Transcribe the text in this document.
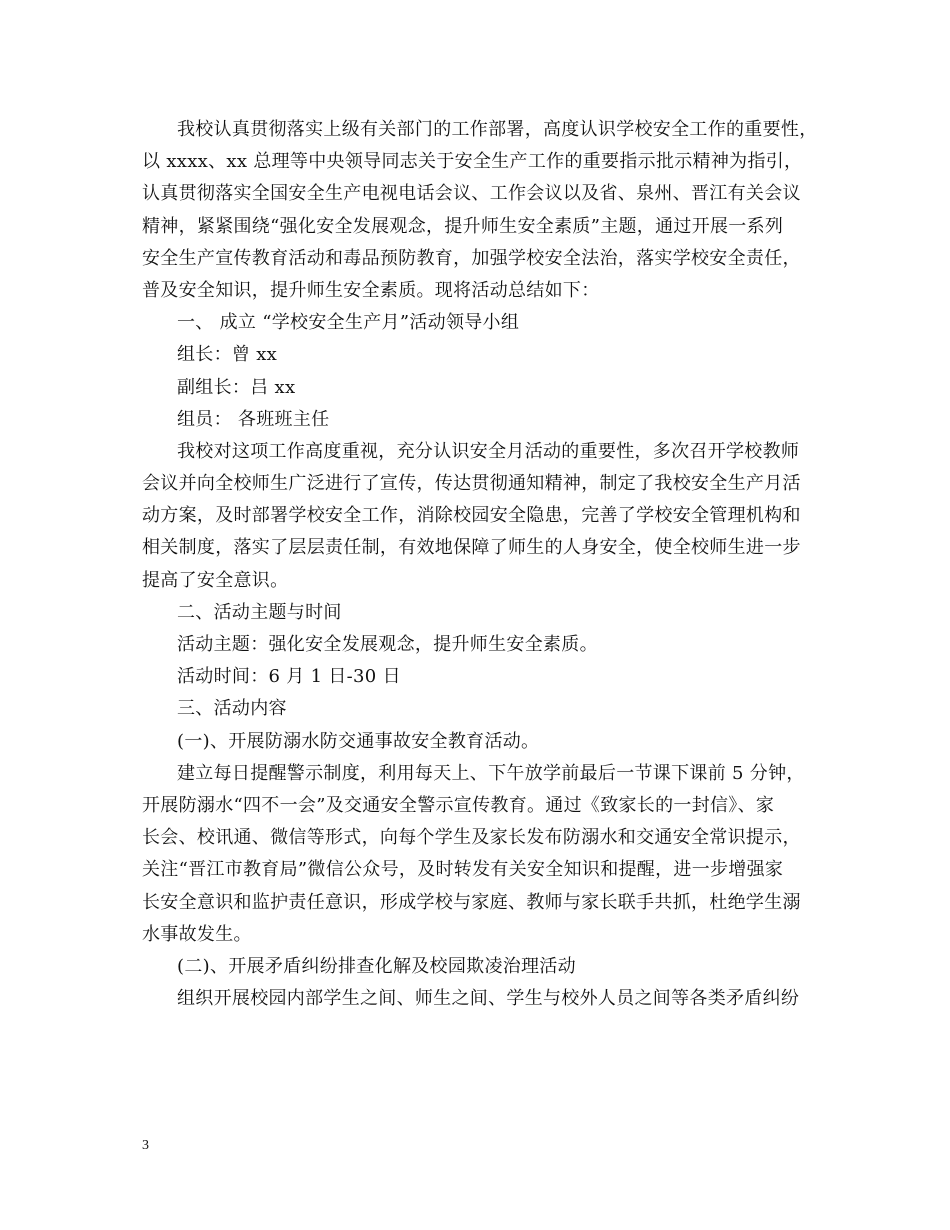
我校认真贯彻落实上级有关部门的工作部署，高度认识学校安全工作的重要性，
以 xxxx、xx 总理等中央领导同志关于安全生产工作的重要指示批示精神为指引，
认真贯彻落实全国安全生产电视电话会议、工作会议以及省、泉州、晋江有关会议
精神，紧紧围绕“强化安全发展观念，提升师生安全素质”主题，通过开展一系列
安全生产宣传教育活动和毒品预防教育，加强学校安全法治，落实学校安全责任，
普及安全知识，提升师生安全素质。现将活动总结如下：
一、 成立 “学校安全生产月”活动领导小组
组长：曾 xx
副组长：吕 xx
组员： 各班班主任
我校对这项工作高度重视，充分认识安全月活动的重要性，多次召开学校教师
会议并向全校师生广泛进行了宣传，传达贯彻通知精神，制定了我校安全生产月活
动方案，及时部署学校安全工作，消除校园安全隐患，完善了学校安全管理机构和
相关制度，落实了层层责任制，有效地保障了师生的人身安全，使全校师生进一步
提高了安全意识。
二、活动主题与时间
活动主题：强化安全发展观念，提升师生安全素质。
活动时间：6 月 1 日-30 日
三、活动内容
(一)、开展防溺水防交通事故安全教育活动。
建立每日提醒警示制度，利用每天上、下午放学前最后一节课下课前 5 分钟，
开展防溺水“四不一会”及交通安全警示宣传教育。通过《致家长的一封信》、家
长会、校讯通、微信等形式，向每个学生及家长发布防溺水和交通安全常识提示，
关注“晋江市教育局”微信公众号，及时转发有关安全知识和提醒，进一步增强家
长安全意识和监护责任意识，形成学校与家庭、教师与家长联手共抓，杜绝学生溺
水事故发生。
(二)、开展矛盾纠纷排查化解及校园欺凌治理活动
组织开展校园内部学生之间、师生之间、学生与校外人员之间等各类矛盾纠纷
3
